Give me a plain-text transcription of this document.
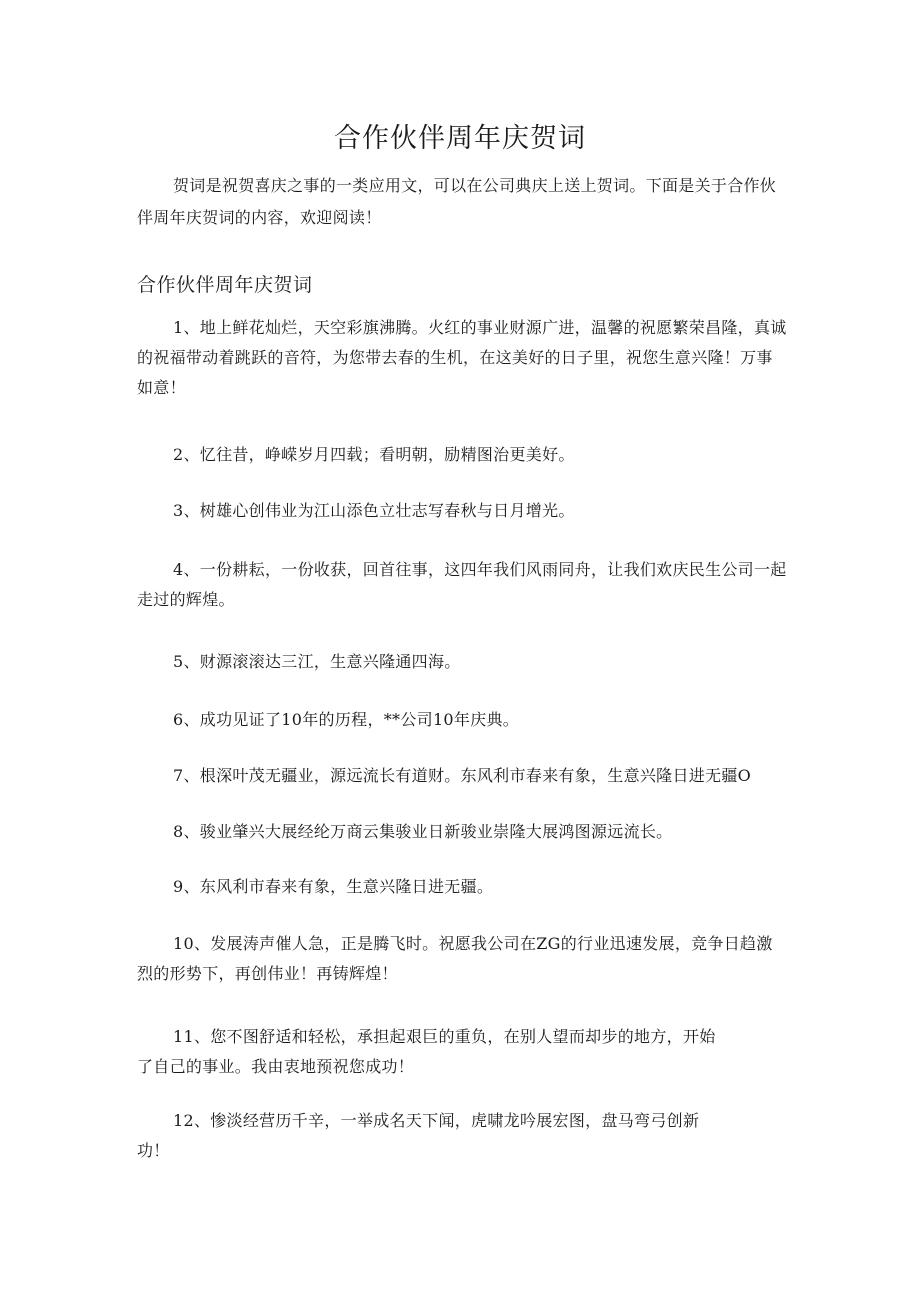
合作伙伴周年庆贺词

贺词是祝贺喜庆之事的一类应用文，可以在公司典庆上送上贺词。下面是关于合作伙伴周年庆贺词的内容，欢迎阅读！

合作伙伴周年庆贺词

1、地上鲜花灿烂，天空彩旗沸腾。火红的事业财源广进，温馨的祝愿繁荣昌隆，真诚的祝福带动着跳跃的音符，为您带去春的生机，在这美好的日子里，祝您生意兴隆！万事如意！

2、忆往昔，峥嵘岁月四载；看明朝，励精图治更美好。

3、树雄心创伟业为江山添色立壮志写春秋与日月增光。

4、一份耕耘，一份收获，回首往事，这四年我们风雨同舟，让我们欢庆民生公司一起走过的辉煌。

5、财源滚滚达三江，生意兴隆通四海。

6、成功见证了10年的历程，**公司10年庆典。

7、根深叶茂无疆业，源远流长有道财。东风利市春来有象，生意兴隆日进无疆O

8、骏业肇兴大展经纶万商云集骏业日新骏业崇隆大展鸿图源远流长。

9、东风利市春来有象，生意兴隆日进无疆。

10、发展涛声催人急，正是腾飞时。祝愿我公司在ZG的行业迅速发展，竞争日趋激烈的形势下，再创伟业！再铸辉煌！

11、您不图舒适和轻松，承担起艰巨的重负，在别人望而却步的地方，开始了自己的事业。我由衷地预祝您成功！

12、惨淡经营历千辛，一举成名天下闻，虎啸龙吟展宏图，盘马弯弓创新功！
